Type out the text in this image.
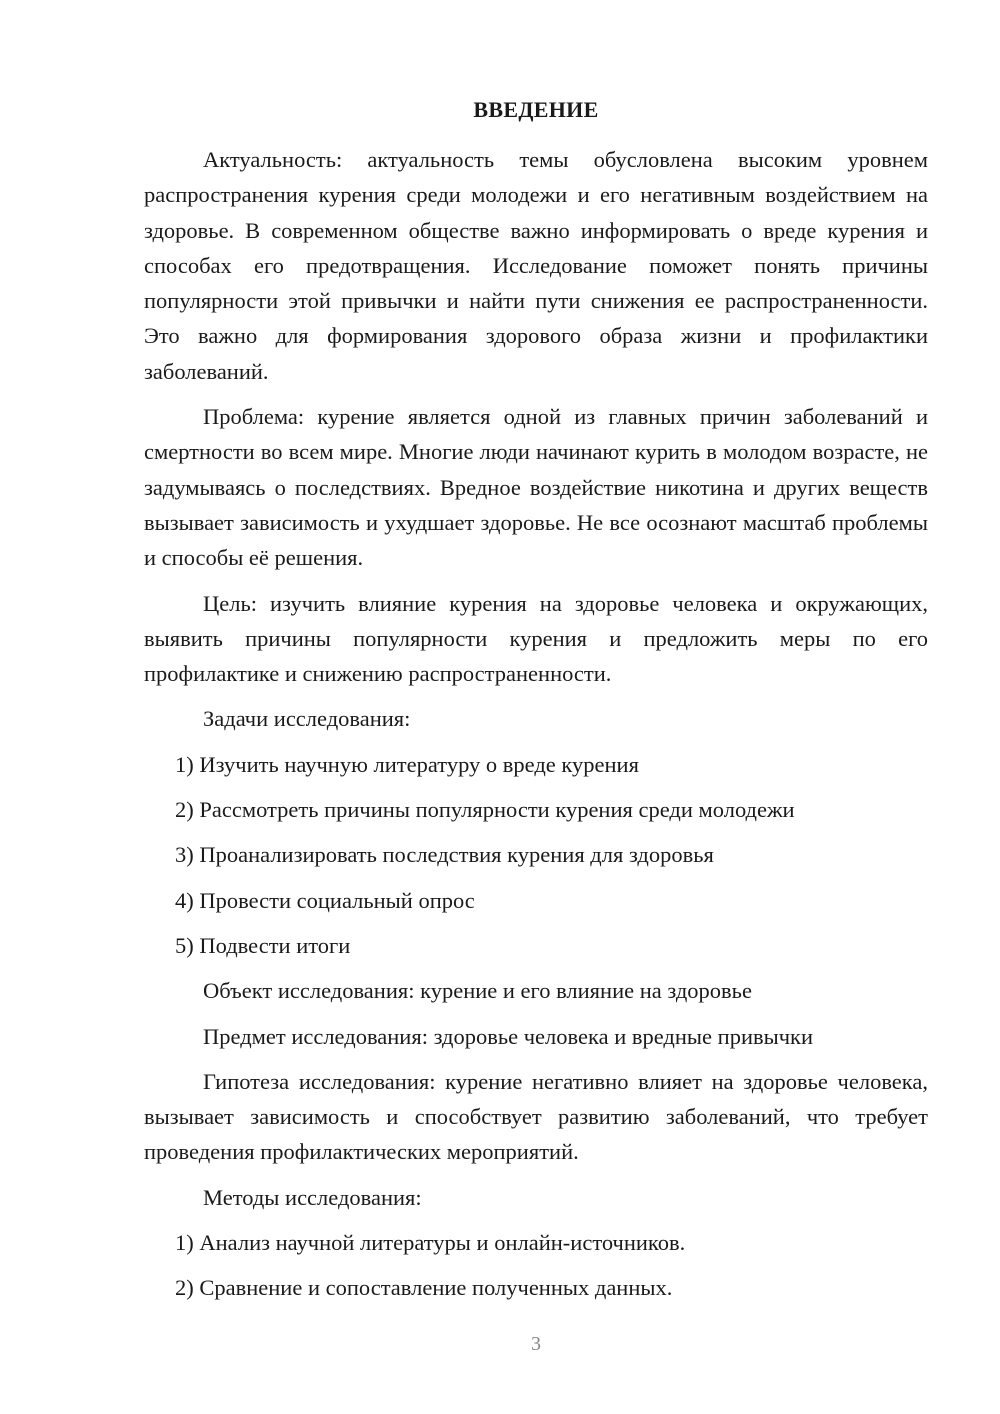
ВВЕДЕНИЕ

Актуальность: актуальность темы обусловлена высоким уровнем распространения курения среди молодежи и его негативным воздействием на здоровье. В современном обществе важно информировать о вреде курения и способах его предотвращения. Исследование поможет понять причины популярности этой привычки и найти пути снижения ее распространенности. Это важно для формирования здорового образа жизни и профилактики заболеваний.

Проблема: курение является одной из главных причин заболеваний и смертности во всем мире. Многие люди начинают курить в молодом возрасте, не задумываясь о последствиях. Вредное воздействие никотина и других веществ вызывает зависимость и ухудшает здоровье. Не все осознают масштаб проблемы и способы её решения.

Цель: изучить влияние курения на здоровье человека и окружающих, выявить причины популярности курения и предложить меры по его профилактике и снижению распространенности.

Задачи исследования:

1) Изучить научную литературу о вреде курения

2) Рассмотреть причины популярности курения среди молодежи

3) Проанализировать последствия курения для здоровья

4) Провести социальный опрос

5) Подвести итоги

Объект исследования: курение и его влияние на здоровье

Предмет исследования: здоровье человека и вредные привычки

Гипотеза исследования: курение негативно влияет на здоровье человека, вызывает зависимость и способствует развитию заболеваний, что требует проведения профилактических мероприятий.

Методы исследования:

1) Анализ научной литературы и онлайн-источников.

2) Сравнение и сопоставление полученных данных.

3
